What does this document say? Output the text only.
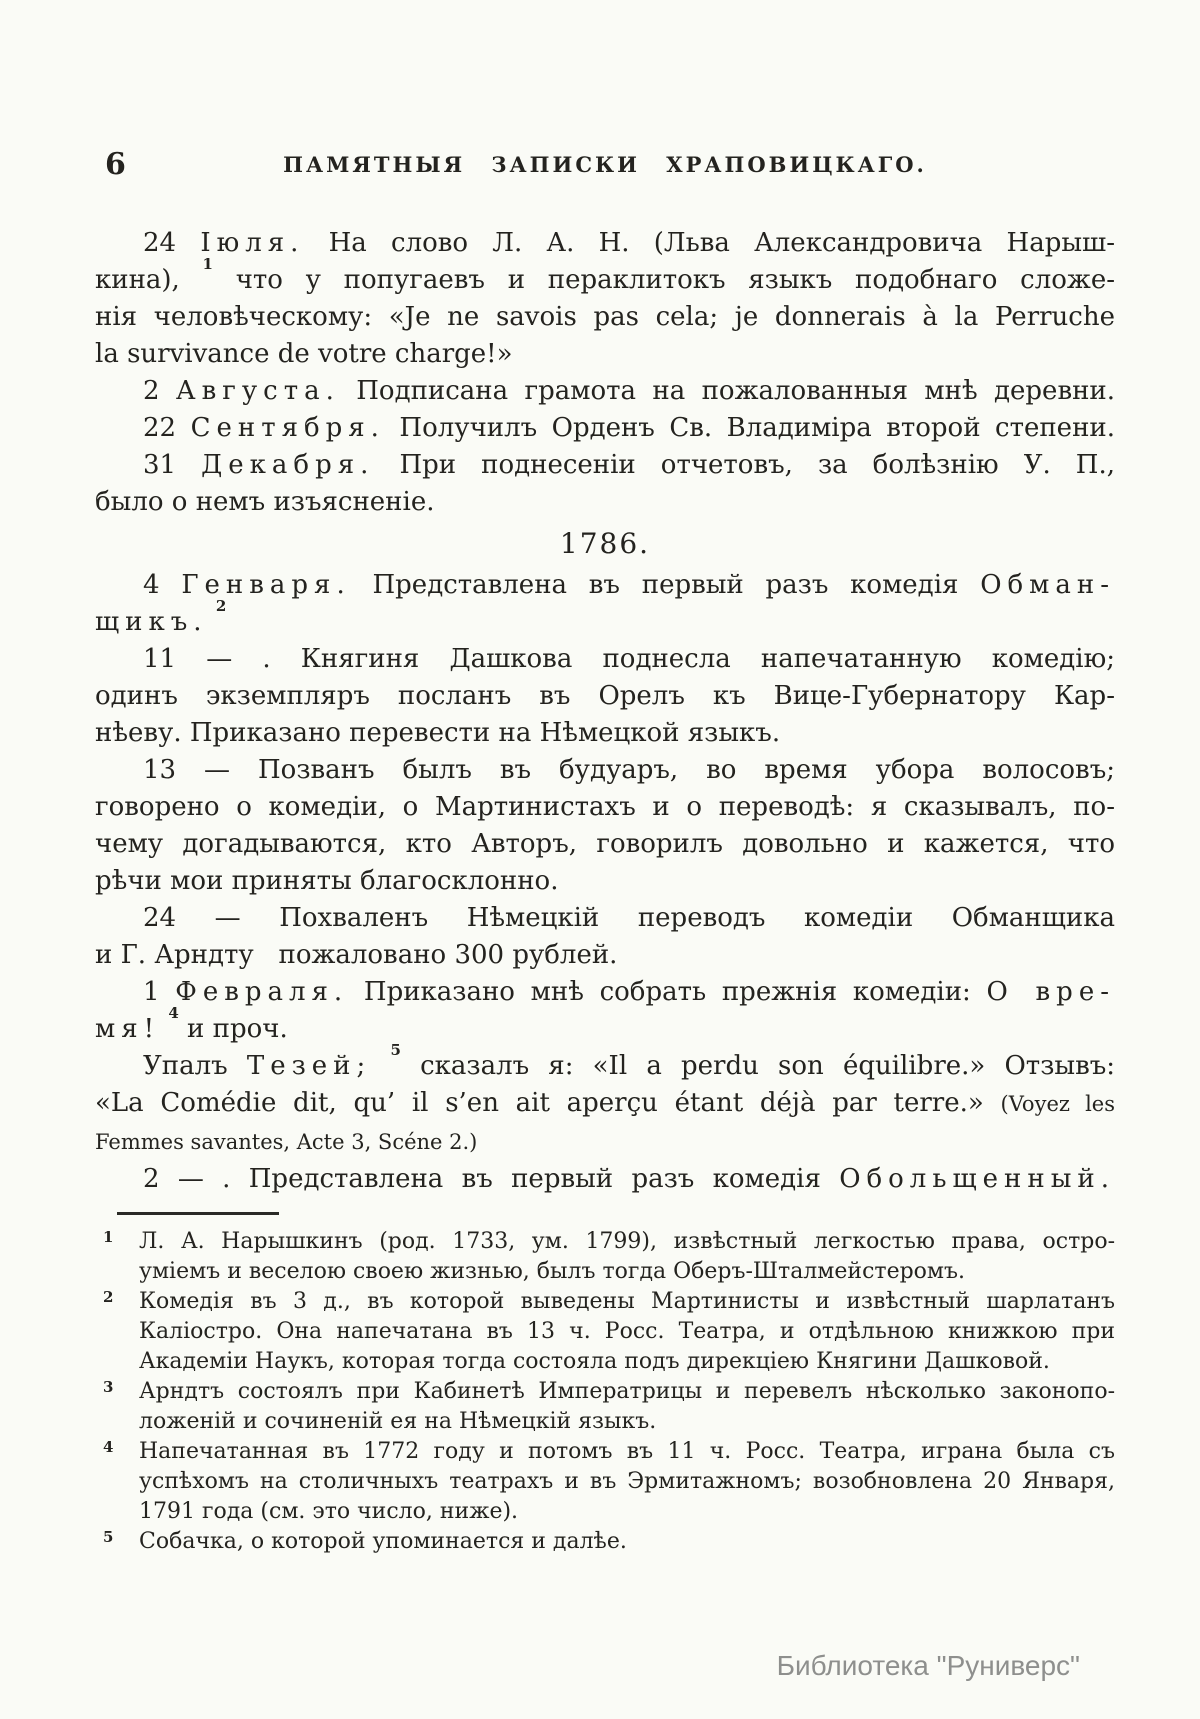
6	ПАМЯТНЫЯ ЗАПИСКИ ХРАПОВИЦКАГО.
24 Іюля. На слово Л. А. Н. (Льва Александровича Нарыш-
кина), $^1$ что у попугаевъ и пераклитокъ языкъ подобнаго сложе-
нія человѣческому: «Je ne savois pas cela; je donnerais à la Perruche
la survivance de votre charge!»
2 Августа. Подписана грамота на пожалованныя мнѣ деревни.
22 Сентября. Получилъ Орденъ Св. Владиміра второй степени.
31 Декабря. При поднесеніи отчетовъ, за болѣзнію У. П.,
было о немъ изъясненіе.
1786.
4 Генваря. Представлена въ первый разъ комедія Обман-
щикъ. $^2$
11 — . Княгиня Дашкова поднесла напечатанную комедію;
одинъ экземпляръ посланъ въ Орелъ къ Вице-Губернатору Кар-
нѣеву. Приказано перевести на Нѣмецкой языкъ.
13 — Позванъ былъ въ будуаръ, во время убора волосовъ;
говорено о комедіи, о Мартинистахъ и о переводѣ: я сказывалъ, по-
чему догадываются, кто Авторъ, говорилъ довольно и кажется, что
рѣчи мои приняты благосклонно.
24 — Похваленъ Нѣмецкій переводъ комедіи Обманщика
и Г. Арндту   пожаловано 300 рублей.
1 Февраля. Приказано мнѣ собрать прежнія комедіи: О вре-
мя! $^4$ и проч.
Упалъ Тезей; $^5$ сказалъ я: «Il a perdu son équilibre.» Отзывъ:
«La Comédie dit, qu’ il s’en ait aperçu étant déjà par terre.» (Voyez les
Femmes savantes, Acte 3, Scéne 2.)
2 — . Представлена въ первый разъ комедія Обольщенный.
1 Л. А. Нарышкинъ (род. 1733, ум. 1799), извѣстный легкостью права, остро-
уміемъ и веселою своею жизнью, былъ тогда Оберъ-Шталмейстеромъ.
2 Комедія въ 3 д., въ которой выведены Мартинисты и извѣстный шарлатанъ
Каліостро. Она напечатана въ 13 ч. Росс. Театра, и отдѣльною книжкою при
Академіи Наукъ, которая тогда состояла подъ дирекціею Княгини Дашковой.
3 Арндтъ состоялъ при Кабинетѣ Императрицы и перевелъ нѣсколько законопо-
ложеній и сочиненій ея на Нѣмецкій языкъ.
4 Напечатанная въ 1772 году и потомъ въ 11 ч. Росс. Театра, играна была съ
успѣхомъ на столичныхъ театрахъ и въ Эрмитажномъ; возобновлена 20 Января,
1791 года (см. это число, ниже).
5 Собачка, о которой упоминается и далѣе.
Библиотека "Руниверс"
